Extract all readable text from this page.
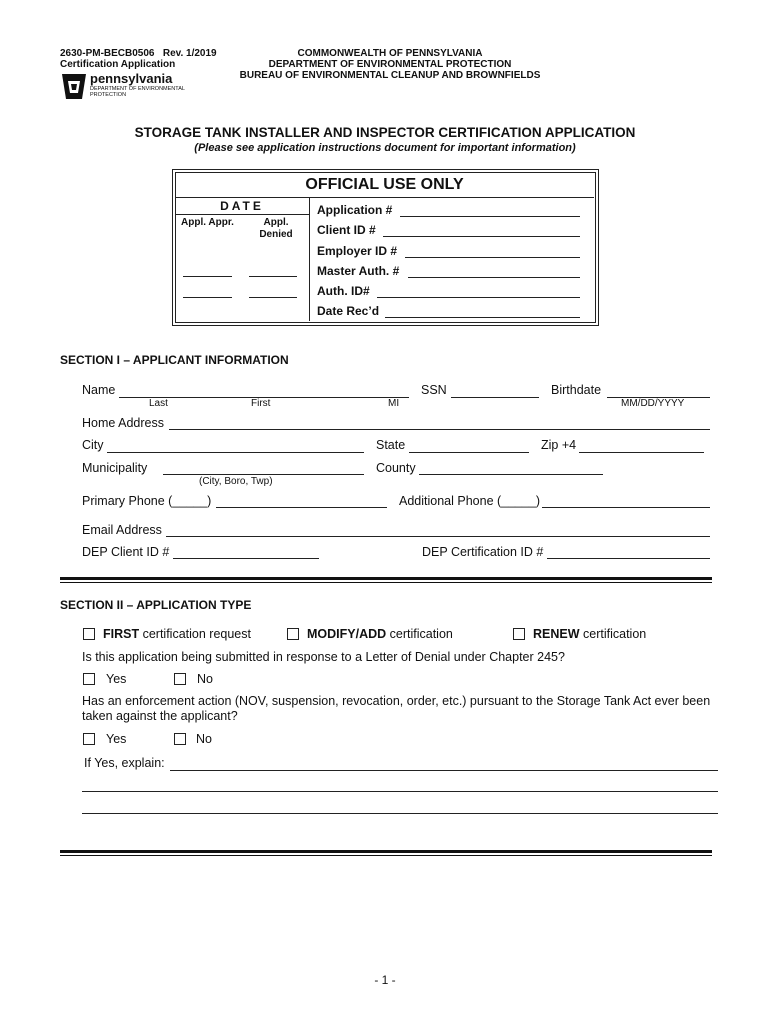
2630-PM-BECB0506 Rev. 1/2019
Certification Application
pennsylvania
DEPARTMENT OF ENVIRONMENTAL
PROTECTION
COMMONWEALTH OF PENNSYLVANIA
DEPARTMENT OF ENVIRONMENTAL PROTECTION
BUREAU OF ENVIRONMENTAL CLEANUP AND BROWNFIELDS
STORAGE TANK INSTALLER AND INSPECTOR CERTIFICATION APPLICATION
(Please see application instructions document for important information)
OFFICIAL USE ONLY
DATE
Appl. Appr.	Appl.
Denied
Application #
Client ID #
Employer ID #
Master Auth. #
Auth. ID#
Date Rec’d
SECTION I – APPLICANT INFORMATION
Name	SSN	Birthdate
Last	First	MI	MM/DD/YYYY
Home Address
City	State	Zip +4
Municipality	County
(City, Boro, Twp)
Primary Phone (_____)	Additional Phone (_____)
Email Address
DEP Client ID #	DEP Certification ID #
SECTION II – APPLICATION TYPE
FIRST certification request	MODIFY/ADD certification	RENEW certification
Is this application being submitted in response to a Letter of Denial under Chapter 245?
Yes	No
Has an enforcement action (NOV, suspension, revocation, order, etc.) pursuant to the Storage Tank Act ever been
taken against the applicant?
Yes	No
If Yes, explain:
- 1 -
